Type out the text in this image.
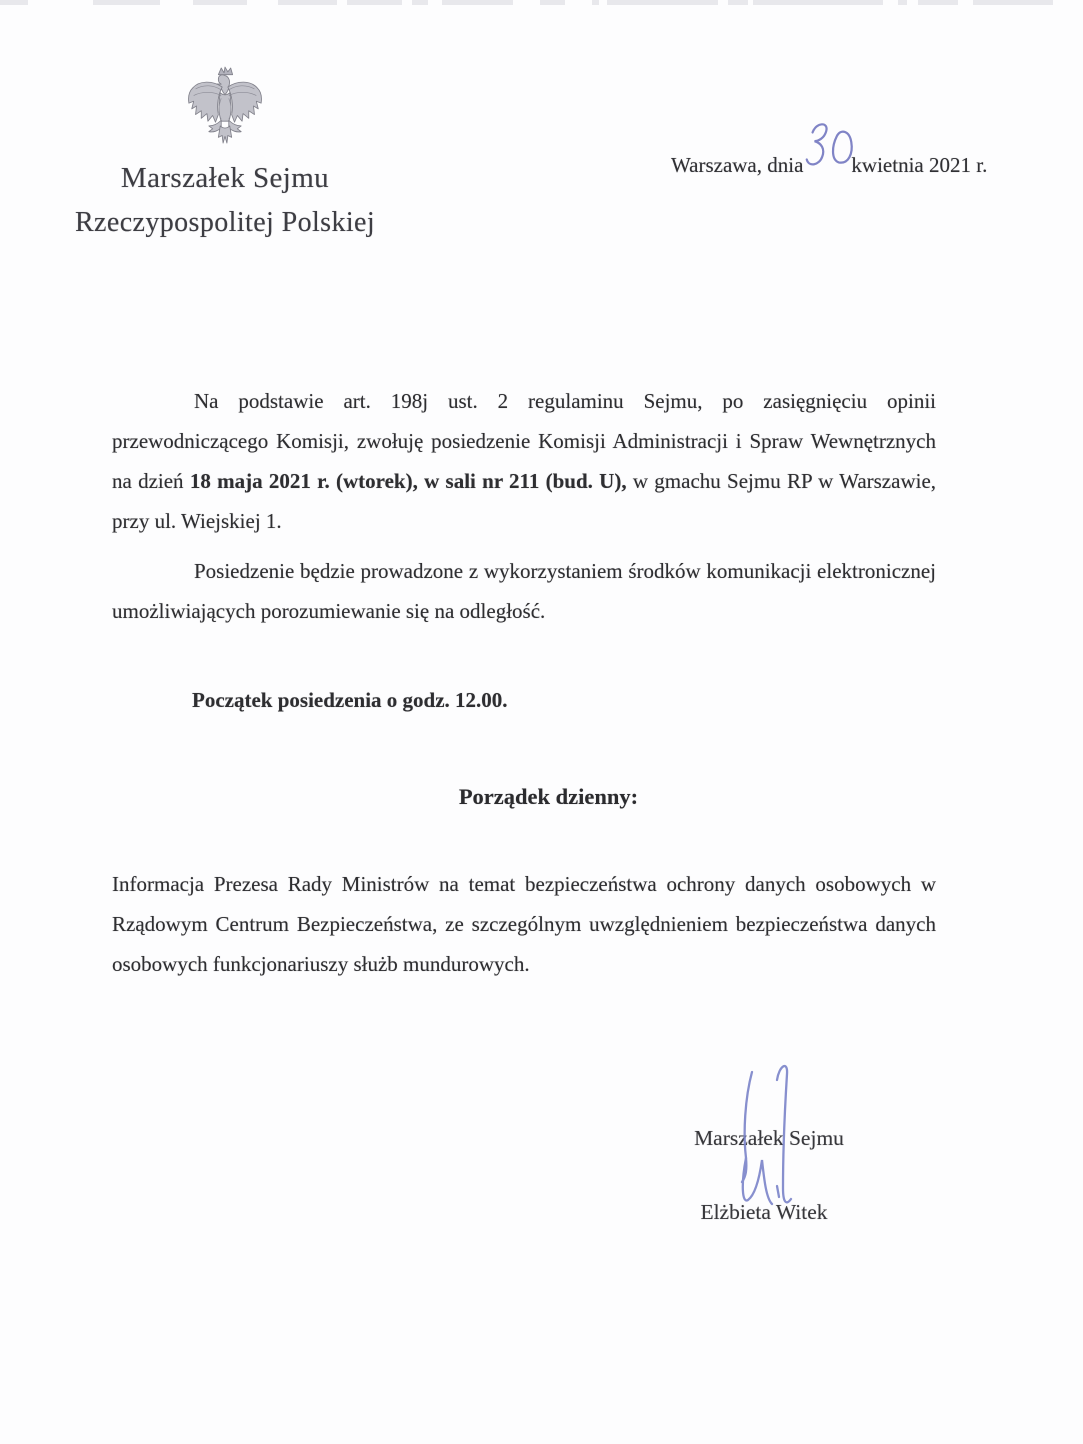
Marszałek Sejmu
Rzeczypospolitej Polskiej
Warszawa, dnia kwietnia 2021 r.

Na podstawie art. 198j ust. 2 regulaminu Sejmu, po zasięgnięciu opinii przewodniczącego Komisji, zwołuję posiedzenie Komisji Administracji i Spraw Wewnętrznych na dzień 18 maja 2021 r. (wtorek), w sali nr 211 (bud. U), w gmachu Sejmu RP w Warszawie, przy ul. Wiejskiej 1.

Posiedzenie będzie prowadzone z wykorzystaniem środków komunikacji elektronicznej umożliwiających porozumiewanie się na odległość.

Początek posiedzenia o godz. 12.00.

Porządek dzienny:

Informacja Prezesa Rady Ministrów na temat bezpieczeństwa ochrony danych osobowych w Rządowym Centrum Bezpieczeństwa, ze szczególnym uwzględnieniem bezpieczeństwa danych osobowych funkcjonariuszy służb mundurowych.

Marszałek Sejmu
Elżbieta Witek
